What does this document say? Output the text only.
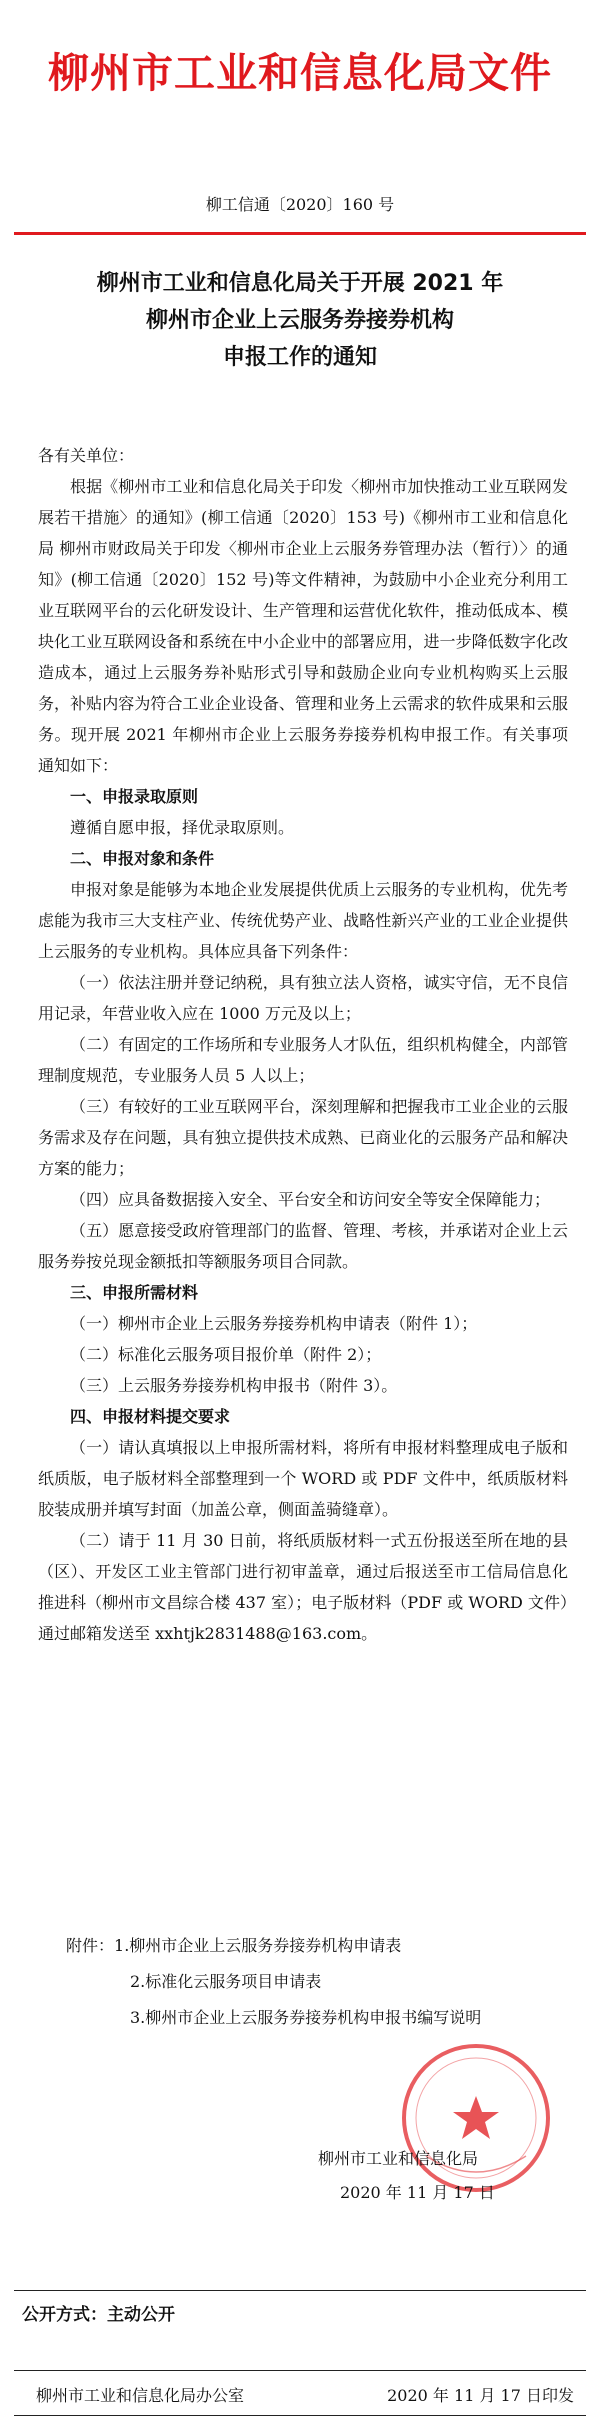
柳州市工业和信息化局文件
柳工信通〔2020〕160 号
柳州市工业和信息化局关于开展 2021 年
柳州市企业上云服务券接券机构
申报工作的通知

各有关单位：

根据《柳州市工业和信息化局关于印发〈柳州市加快推动工业互联网发展若干措施〉的通知》(柳工信通〔2020〕153 号)《柳州市工业和信息化局 柳州市财政局关于印发〈柳州市企业上云服务券管理办法（暂行）〉的通知》(柳工信通〔2020〕152 号)等文件精神，为鼓励中小企业充分利用工业互联网平台的云化研发设计、生产管理和运营优化软件，推动低成本、模块化工业互联网设备和系统在中小企业中的部署应用，进一步降低数字化改造成本，通过上云服务券补贴形式引导和鼓励企业向专业机构购买上云服务，补贴内容为符合工业企业设备、管理和业务上云需求的软件成果和云服务。现开展 2021 年柳州市企业上云服务券接券机构申报工作。有关事项通知如下：

一、申报录取原则

遵循自愿申报，择优录取原则。

二、申报对象和条件

申报对象是能够为本地企业发展提供优质上云服务的专业机构，优先考虑能为我市三大支柱产业、传统优势产业、战略性新兴产业的工业企业提供上云服务的专业机构。具体应具备下列条件：

（一）依法注册并登记纳税，具有独立法人资格，诚实守信，无不良信用记录，年营业收入应在 1000 万元及以上；

（二）有固定的工作场所和专业服务人才队伍，组织机构健全，内部管理制度规范，专业服务人员 5 人以上；

（三）有较好的工业互联网平台，深刻理解和把握我市工业企业的云服务需求及存在问题，具有独立提供技术成熟、已商业化的云服务产品和解决方案的能力；

（四）应具备数据接入安全、平台安全和访问安全等安全保障能力；

（五）愿意接受政府管理部门的监督、管理、考核，并承诺对企业上云服务券按兑现金额抵扣等额服务项目合同款。

三、申报所需材料

（一）柳州市企业上云服务券接券机构申请表（附件 1）；

（二）标准化云服务项目报价单（附件 2）；

（三）上云服务券接券机构申报书（附件 3）。

四、申报材料提交要求

（一）请认真填报以上申报所需材料，将所有申报材料整理成电子版和纸质版，电子版材料全部整理到一个 WORD 或 PDF 文件中，纸质版材料胶装成册并填写封面（加盖公章，侧面盖骑缝章）。

（二）请于 11 月 30 日前，将纸质版材料一式五份报送至所在地的县（区）、开发区工业主管部门进行初审盖章，通过后报送至市工信局信息化推进科（柳州市文昌综合楼 437 室）；电子版材料（PDF 或 WORD 文件）通过邮箱发送至 xxhtjk2831488@163.com。

附件：1.柳州市企业上云服务券接券机构申请表
2.标准化云服务项目申请表
3.柳州市企业上云服务券接券机构申报书编写说明
柳州市工业和信息化局
2020 年 11 月 17 日
公开方式：主动公开
柳州市工业和信息化局办公室	2020 年 11 月 17 日印发
